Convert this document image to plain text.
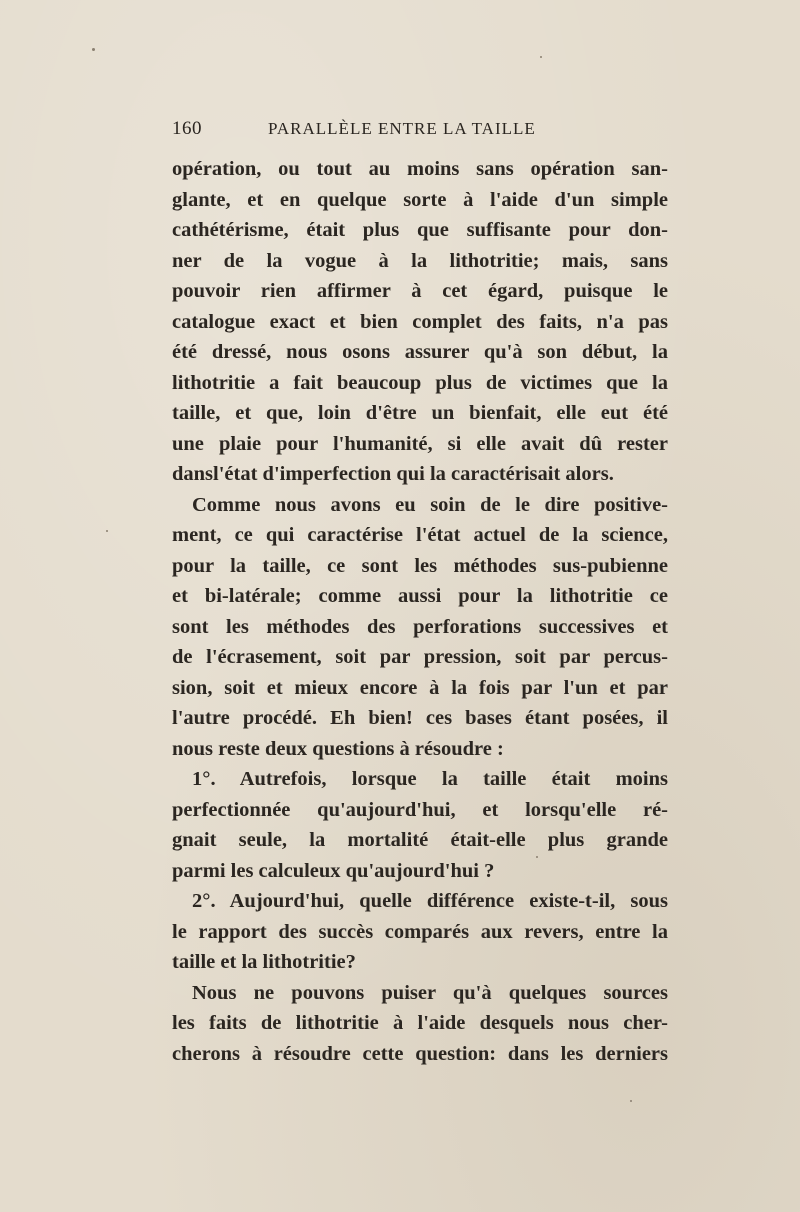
160	PARALLÈLE ENTRE LA TAILLE

opération, ou tout au moins sans opération san-
glante, et en quelque sorte à l'aide d'un simple
cathétérisme, était plus que suffisante pour don-
ner de la vogue à la lithotritie; mais, sans
pouvoir rien affirmer à cet égard, puisque le
catalogue exact et bien complet des faits, n'a pas
été dressé, nous osons assurer qu'à son début, la
lithotritie a fait beaucoup plus de victimes que la
taille, et que, loin d'être un bienfait, elle eut été
une plaie pour l'humanité, si elle avait dû rester
dansl'état d'imperfection qui la caractérisait alors.

Comme nous avons eu soin de le dire positive-
ment, ce qui caractérise l'état actuel de la science,
pour la taille, ce sont les méthodes sus-pubienne
et bi-latérale; comme aussi pour la lithotritie ce
sont les méthodes des perforations successives et
de l'écrasement, soit par pression, soit par percus-
sion, soit et mieux encore à la fois par l'un et par
l'autre procédé. Eh bien! ces bases étant posées, il
nous reste deux questions à résoudre :

1°. Autrefois, lorsque la taille était moins
perfectionnée qu'aujourd'hui, et lorsqu'elle ré-
gnait seule, la mortalité était-elle plus grande
parmi les calculeux qu'aujourd'hui ?

2°. Aujourd'hui, quelle différence existe-t-il, sous
le rapport des succès comparés aux revers, entre la
taille et la lithotritie?

Nous ne pouvons puiser qu'à quelques sources
les faits de lithotritie à l'aide desquels nous cher-
cherons à résoudre cette question: dans les derniers
